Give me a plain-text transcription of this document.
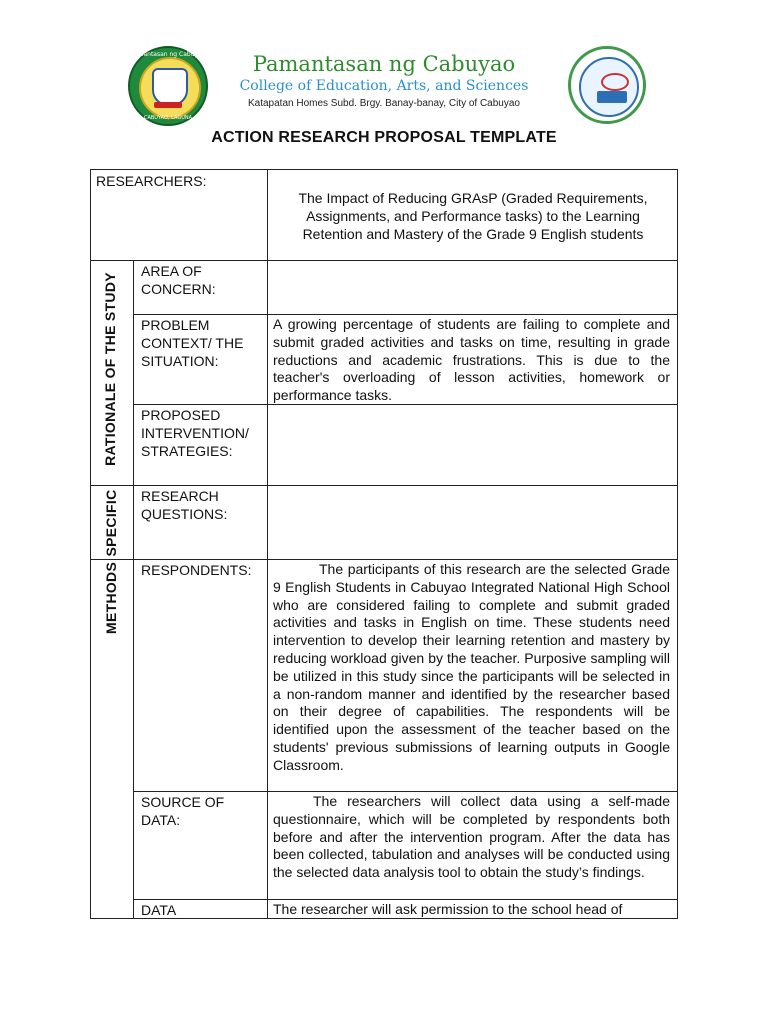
Pamantasan ng Cabuyao
CABUYAO, LAGUNA
Pamantasan ng Cabuyao
College of Education, Arts, and Sciences
Katapatan Homes Subd. Brgy. Banay-banay, City of Cabuyao
ACTION RESEARCH PROPOSAL TEMPLATE
RESEARCHERS:
The Impact of Reducing GRAsP (Graded Requirements, Assignments, and Performance tasks) to the Learning Retention and Mastery of the Grade 9 English students
RATIONALE OF THE STUDY
SPECIFIC
METHODS
AREA OF CONCERN:
PROBLEM CONTEXT/ THE SITUATION:
A growing percentage of students are failing to complete and submit graded activities and tasks on time, resulting in grade reductions and academic frustrations. This is due to the teacher's overloading of lesson activities, homework or performance tasks.
PROPOSED INTERVENTION/ STRATEGIES:
RESEARCH QUESTIONS:
RESPONDENTS:	The participants of this research are the selected Grade 9 English Students in Cabuyao Integrated National High School who are considered failing to complete and submit graded activities and tasks in English on time. These students need intervention to develop their learning retention and mastery by reducing workload given by the teacher. Purposive sampling will be utilized in this study since the participants will be selected in a non-random manner and identified by the researcher based on their degree of capabilities. The respondents will be identified upon the assessment of the teacher based on the students' previous submissions of learning outputs in Google Classroom.
SOURCE OF DATA:
The researchers will collect data using a self-made questionnaire, which will be completed by respondents both before and after the intervention program. After the data has been collected, tabulation and analyses will be conducted using the selected data analysis tool to obtain the study’s findings.
DATA	The researcher will ask permission to the school head of
